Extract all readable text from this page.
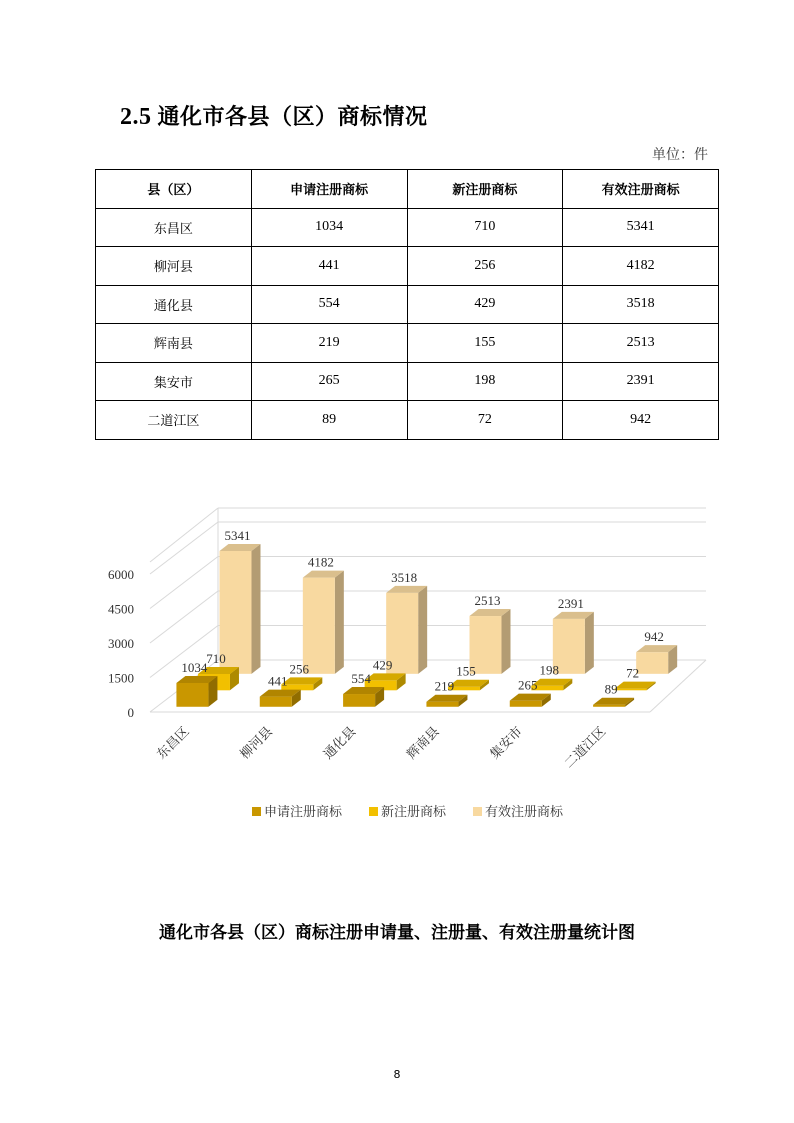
2.5 通化市各县（区）商标情况
单位：件
县（区）	申请注册商标	新注册商标	有效注册商标
东昌区	1034	710	5341
柳河县	441	256	4182
通化县	554	429	3518
辉南县	219	155	2513
集安市	265	198	2391
二道江区	89	72	942
0
1500
3000
4500
6000
942
2391
2513
3518
4182
5341
72
198
155
429
256
710
89
265
219
554
441
1034
东昌区	柳河县	通化县	辉南县	集安市	二道江区
申请注册商标	新注册商标	有效注册商标
通化市各县（区）商标注册申请量、注册量、有效注册量统计图
8
